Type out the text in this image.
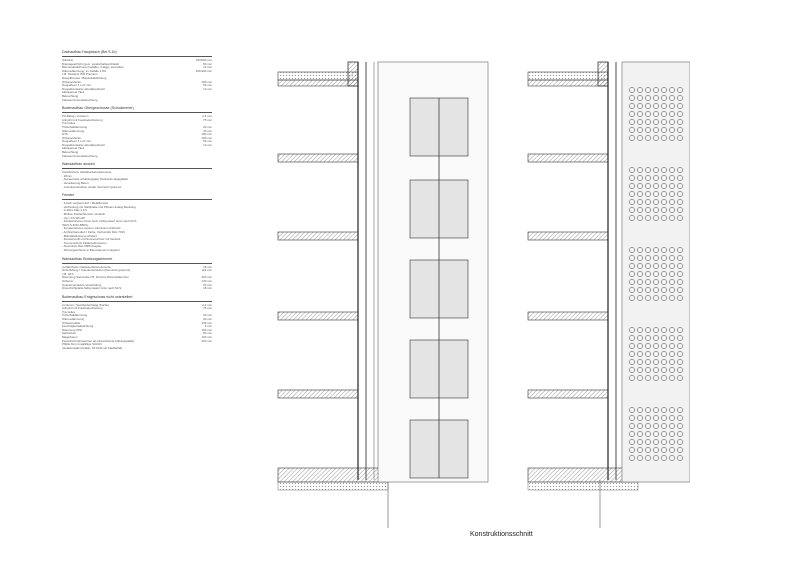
Dachaufbau Hauptdach (Bel.S.1b)
Substrat	150/200 mm
Drainageschicht (gem. Landschaftsarchitekt)	50 mm
Bitumenabdichtung (Gefälle), 2-lagig, wurzelfest	10 mm
Wärmedämmung, im Gefälle 1,5%	150-300 mm
z.B. Swisspor PIR Premium
Dampfbremse / Bauzeitabdichtung
Ortbetondecke	200 mm
Doppelboot 2 x 27 mm	54 mm
Doppelkonstante akustikperforiert	12 mm
Akkupaneel Vlies
Beleuchtung
Klassenzimmerbeleuchtung
Bodenaufbau Obergeschosse (Schulzimmer)
PU-Belag / Linoleum	2-4 mm
Anhydrit mit Fussbodenheizung	75 mm
Trennvlies
Trittschalldämmung	20 mm
Wärmedämmung	30 mm
HTS	180 mm
Ortbetondecke	200 mm
Doppelboot 2 x 27 mm	54 mm
Doppelkonstante akustikperforiert	12 mm
Akkupaneel Vlies
Beleuchtung
Klassenzimmerbeleuchtung
Wandaufbau aussen
Vorfabrizierte Glasfaserbetonelemente
- 18mm
- Aussenseite schalungsglatt, Rückseite abgeglättet
- Verankerung Beton
- Linienkonstruktion metall, thermisch getrennt
Fenster
- 3-fach verglast Holz / Metallfenster
- Verbindung mit Stahlplatte und Pfosten analog Beratung
- U-Wert Glas ≤ 0,6
- Mullion Dreifachfenster verdeckt
- Ug = 0,5 W/m2K
- Fensterrahmen innen Holz, farbig lasiert Grün nach NCS
(NCS S 6010-B50G)
- Fensterrahmen aussen, Aluminium Anthrazit
- Anthrazitanodiert / Farbe, Verbundtür RAL 7016
- Brandabdeckung schwarz
- Fensterprofil und Sonnenschutz mit Verdeck
- Sonnenschutz Faltlamellenstoren
- Aluminium RAL 9006 Alugrau
- Führungsschiene in Betonelement integriert
Wandaufbau Brüstungselement
vorfabrizierte Glasfaserbetonelemente	18 mm
Hinterlüftung / Unterkonstruktion (thermisch getrennt)	124 mm
z.B. IsTA
Dämmung Steinwolle z.B. Flumroc Dämmplatte Duo	220 mm
Ortbeton	140 mm
Unterkonstruktion Verschalung	20 mm
Dreischichtplatte farbig lasiert Grün nach NCS	18 mm
Bodenaufbau Erdgeschoss nicht unterkellert
Linoleum / Sportbodenbelag (Küche)	2-4 mm
Anhydrit mit Fussbodenheizung	75 mm
Trennvlies
Trittschalldämmung	20 mm
Wärmedämmung	30 mm
Ortbetonplatte	240 mm
Feuchtigkeitsabdichtung	5 mm
Dämmung XPS	160 mm
Sauberkeit	50 mm
Magerbeton	100 mm
Kiesschicht (Einwehren als Hinreichende Füllungsplatte)	200 mm
Pfähle bis in tragfähige Schicht
(Isolationsdämmplatte, 18.0140 mit Kapillarität)
Konstruktionsschnitt
